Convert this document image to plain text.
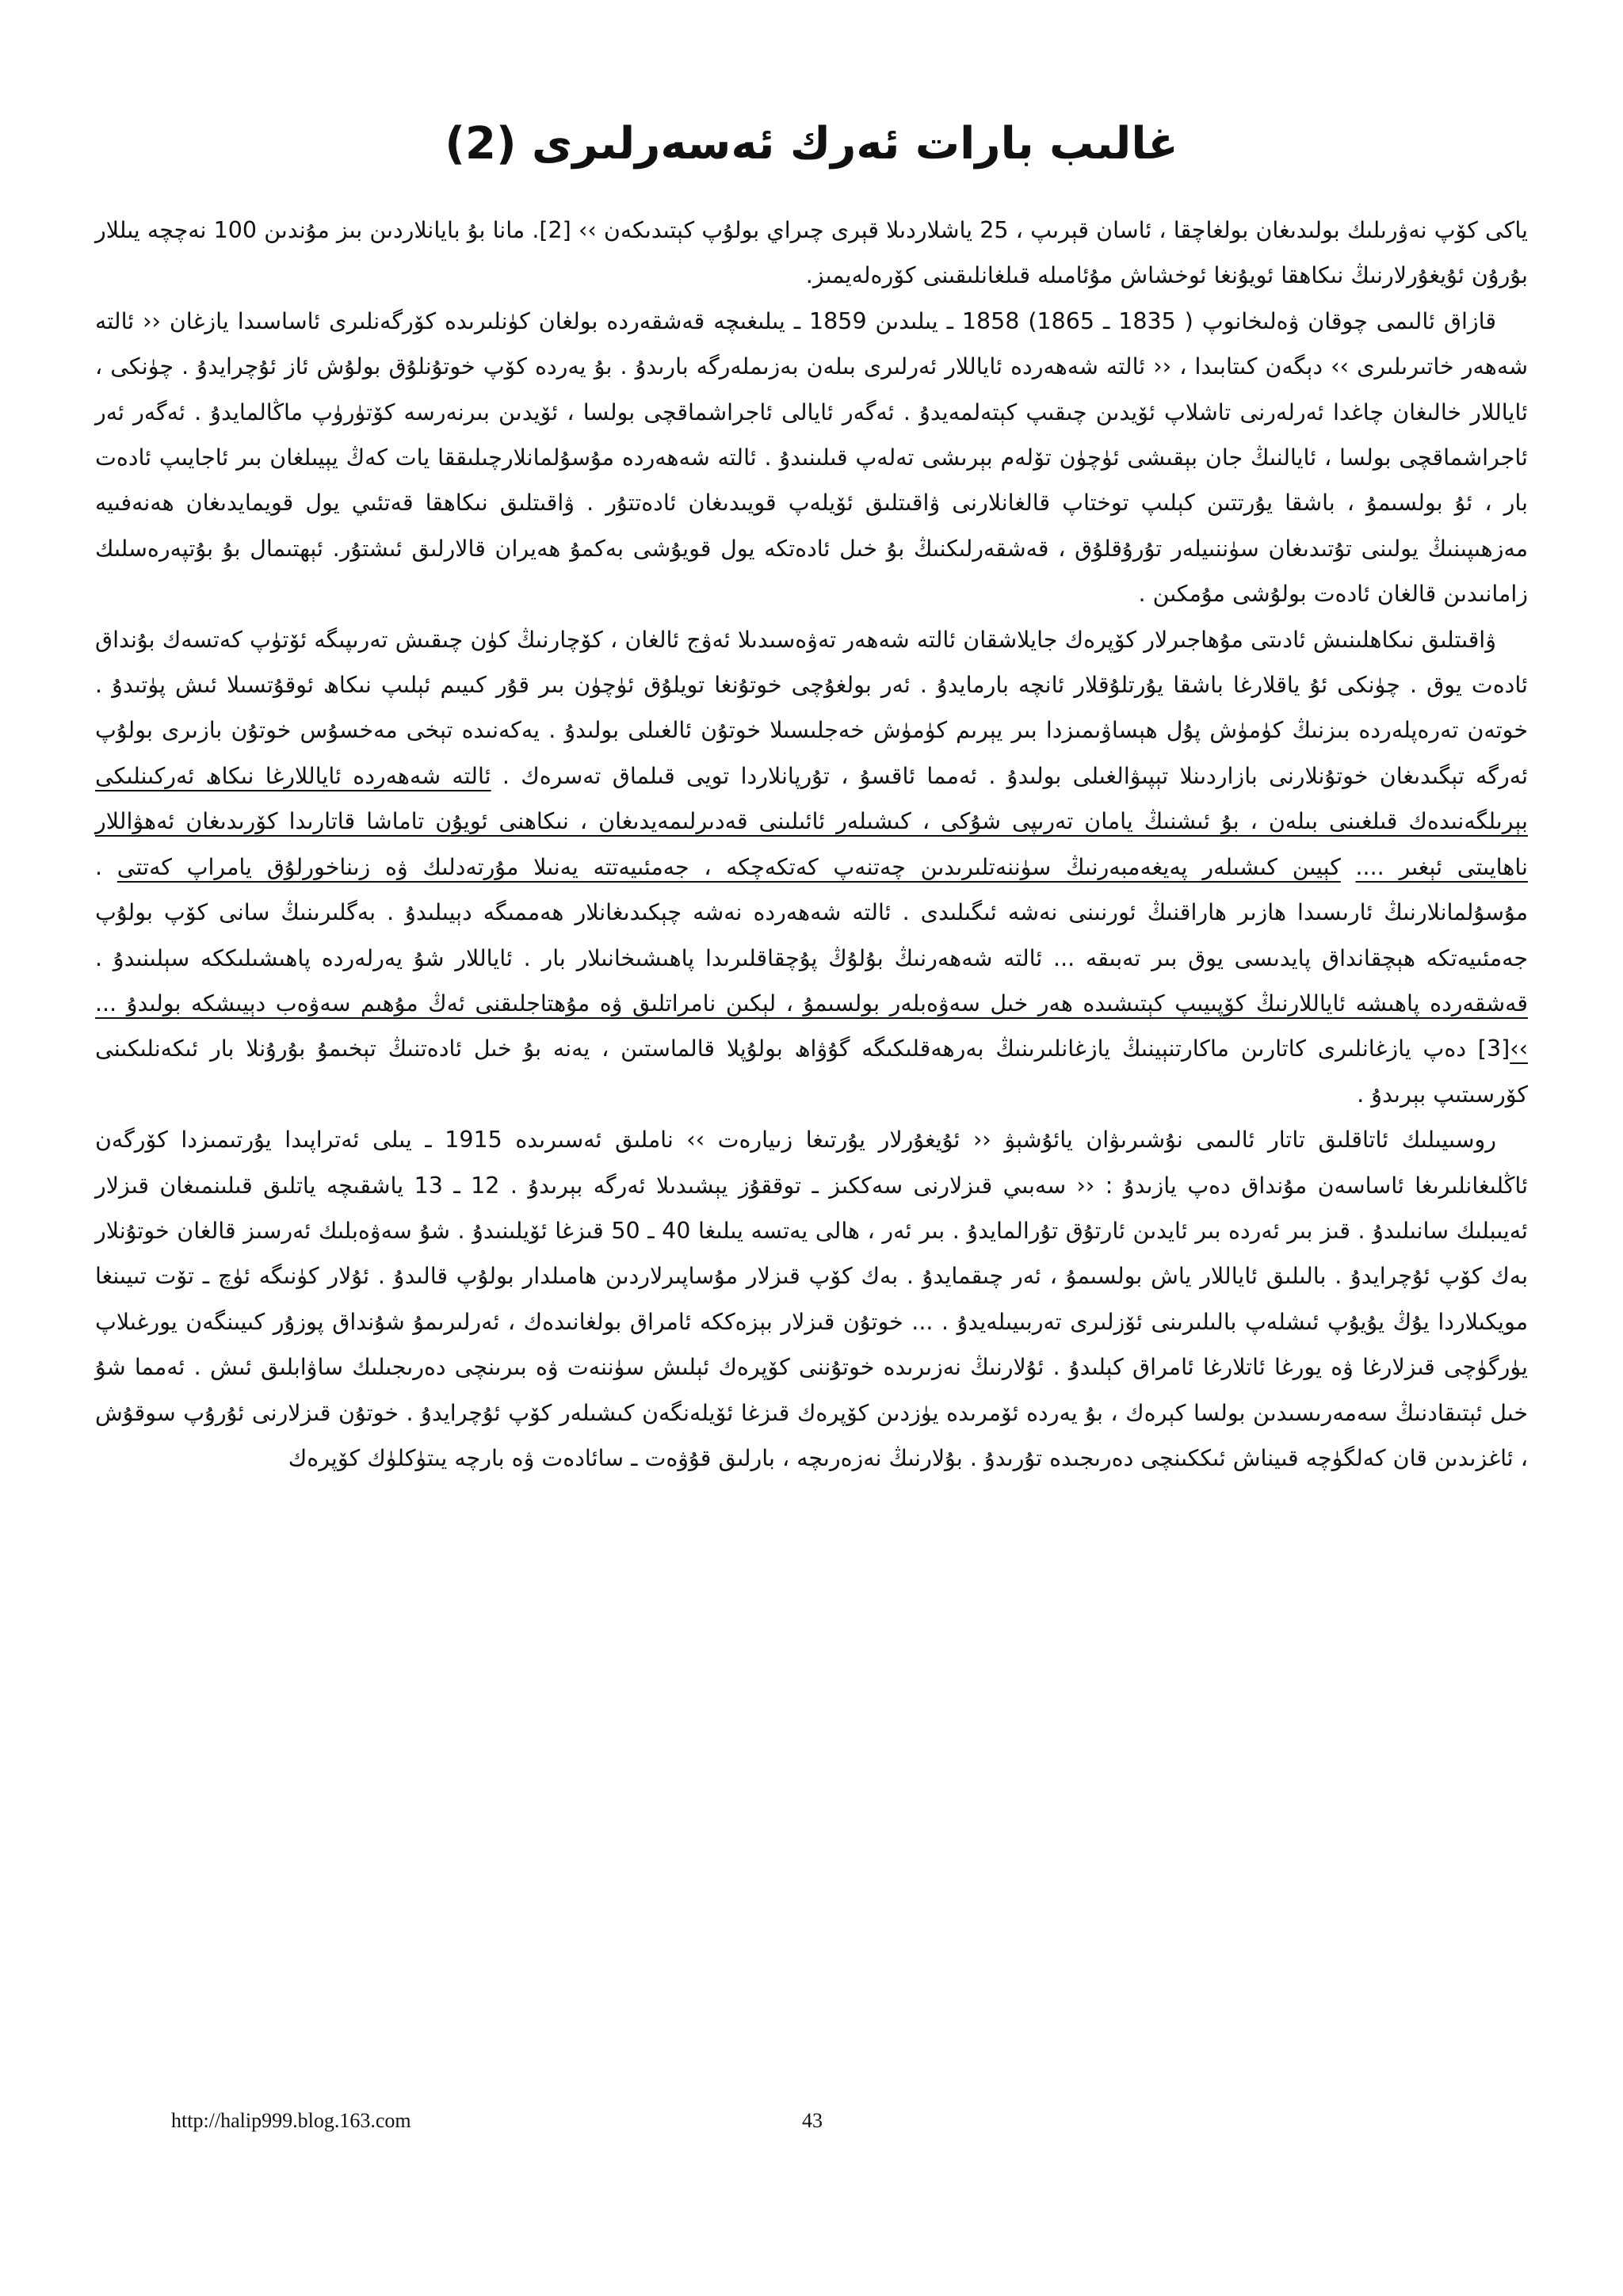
غالىب بارات ئەرك ئەسەرلىرى (2)

ياكى كۆپ نەۋرىلىك بولىدىغان بولغاچقا ، ئاسان قېرىپ ، 25 ياشلاردىلا قېرى چىراي بولۇپ كېتىدىكەن ›› [2]. مانا بۇ بايانلاردىن بىز مۇندىن 100 نەچچە يىللار بۇرۇن ئۇيغۇرلارنىڭ نىكاھقا ئويۇنغا ئوخشاش مۇئامىلە قىلغانلىقىنى كۆرەلەيمىز.

قازاق ئالىمى چوقان ۋەلىخانوپ ( 1835 ـ 1865) 1858 ـ يىلىدىن 1859 ـ يىلىغىچە قەشقەردە بولغان كۈنلىرىدە كۆرگەنلىرى ئاساسىدا يازغان ‹‹ ئالتە شەھەر خاتىرىلىرى ›› دېگەن كىتابىدا ، ‹‹ ئالتە شەھەردە ئاياللار ئەرلىرى بىلەن بەزىملەرگە بارىدۇ . بۇ يەردە كۆپ خوتۇنلۇق بولۇش ئاز ئۇچرايدۇ . چۈنكى ، ئاياللار خالىغان چاغدا ئەرلەرنى تاشلاپ ئۆيدىن چىقىپ كېتەلمەيدۇ . ئەگەر ئايالى ئاجراشماقچى بولسا ، ئۆيدىن بىرنەرسە كۆتۈرۈپ ماڭالمايدۇ . ئەگەر ئەر ئاجراشماقچى بولسا ، ئايالنىڭ جان بېقىشى ئۈچۈن تۆلەم بېرىشى تەلەپ قىلىنىدۇ . ئالتە شەھەردە مۇسۇلمانلارچىلىققا يات كەڭ يېيىلغان بىر ئاجايىپ ئادەت بار ، ئۇ بولسىمۇ ، باشقا يۇرتتىن كېلىپ توختاپ قالغانلارنى ۋاقىتلىق ئۆيلەپ قويىدىغان ئادەتتۇر . ۋاقىتلىق نىكاھقا قەتئىي يول قويمايدىغان ھەنەفىيە مەزھىپىنىڭ يولىنى تۇتىدىغان سۈننىيلەر تۇرۇقلۇق ، قەشقەرلىكنىڭ بۇ خىل ئادەتكە يول قويۇشى بەكمۇ ھەيران قالارلىق ئىشتۇر. ئېھتىمال بۇ بۇتپەرەسلىك زامانىدىن قالغان ئادەت بولۇشى مۇمكىن .

ۋاقىتلىق نىكاھلىنىش ئادىتى مۇھاجىرلار كۆپرەك جايلاشقان ئالتە شەھەر تەۋەسىدىلا ئەۋج ئالغان ، كۆچارنىڭ كۈن چىقىش تەرىپىگە ئۆتۈپ كەتسەك بۇنداق ئادەت يوق . چۈنكى ئۇ ياقلارغا باشقا يۇرتلۇقلار ئانچە بارمايدۇ . ئەر بولغۇچى خوتۇنغا تويلۇق ئۈچۈن بىر قۇر كىيىم ئېلىپ نىكاھ ئوقۇتسىلا ئىش پۈتىدۇ . خوتەن تەرەپلەردە بىزنىڭ كۈمۈش پۇل ھېساۋىمىزدا بىر يېرىم كۈمۈش خەجلىسىلا خوتۇن ئالغىلى بولىدۇ . يەكەنىدە تېخى مەخسۇس خوتۇن بازىرى بولۇپ ئەرگە تېگىدىغان خوتۇنلارنى بازاردىنلا تېپىۋالغىلى بولىدۇ . ئەمما ئاقسۇ ، تۇرپانلاردا تويى قىلماق تەسرەك . ئالتە شەھەردە ئاياللارغا نىكاھ ئەركىنلىكى بېرىلگەنىدەك قىلغىنى بىلەن ، بۇ ئىشنىڭ يامان تەرىپى شۇكى ، كىشىلەر ئائىلىنى قەدىرلىمەيدىغان ، نىكاھنى ئويۇن تاماشا قاتارىدا كۆرىدىغان ئەھۋاللار ناھايىتى ئېغىر .... كېيىن كىشىلەر پەيغەمبەرنىڭ سۈننەتلىرىدىن چەتنەپ كەتكەچكە ، جەمئىيەتتە يەنىلا مۇرتەدلىك ۋە زىناخورلۇق يامراپ كەتتى . مۇسۇلمانلارنىڭ ئارىسىدا ھازىر ھاراقنىڭ ئورنىنى نەشە ئىگىلىدى . ئالتە شەھەردە نەشە چېكىدىغانلار ھەممىگە دېيىلىدۇ . بەگلىرىنىڭ سانى كۆپ بولۇپ جەمئىيەتكە ھېچقانداق پايدىسى يوق بىر تەبىقە ... ئالتە شەھەرنىڭ بۇلۇڭ پۇچقاقلىرىدا پاھىشىخانىلار بار . ئاياللار شۇ يەرلەردە پاھىشىلىككە سېلىنىدۇ . قەشقەردە پاھىشە ئاياللارنىڭ كۆپىيىپ كېتىشىدە ھەر خىل سەۋەبلەر بولسىمۇ ، لېكىن نامراتلىق ۋە مۇھتاجلىقنى ئەڭ مۇھىم سەۋەب دېيىشكە بولىدۇ ... ››[3] دەپ يازغانلىرى كاتارىن ماكارتنېينىڭ يازغانلىرىنىڭ بەرھەقلىكىگە گۇۋاھ بولۇپلا قالماستىن ، يەنە بۇ خىل ئادەتنىڭ تېخىمۇ بۇرۇنلا بار ئىكەنلىكىنى كۆرسىتىپ بېرىدۇ .

روسىيىلىك ئاتاقلىق تاتار ئالىمى نۇشىرىۋان يائۇشېۋ ‹‹ ئۇيغۇرلار يۇرتىغا زىيارەت ›› ناملىق ئەسىرىدە 1915 ـ يىلى ئەتراپىدا يۇرتىمىزدا كۆرگەن ئاڭلىغانلىرىغا ئاساسەن مۇنداق دەپ يازىدۇ : ‹‹ سەبىي قىزلارنى سەككىز ـ توققۇز يېشىدىلا ئەرگە بېرىدۇ . 12 ـ 13 ياشقىچە ياتلىق قىلىنمىغان قىزلار ئەيىبلىك سانىلىدۇ . قىز بىر ئەردە بىر ئايدىن ئارتۇق تۇرالمايدۇ . بىر ئەر ، ھالى يەتسە يىلىغا 40 ـ 50 قىزغا ئۆيلىنىدۇ . شۇ سەۋەبلىك ئەرسىز قالغان خوتۇنلار بەك كۆپ ئۇچرايدۇ . بالىلىق ئاياللار ياش بولسىمۇ ، ئەر چىقمايدۇ . بەك كۆپ قىزلار مۇساپىرلاردىن ھامىلدار بولۇپ قالىدۇ . ئۇلار كۈنىگە ئۈچ ـ تۆت تىيىنغا مويكىلاردا يۇڭ يۇيۇپ ئىشلەپ بالىلىرىنى ئۆزلىرى تەربىيىلەيدۇ . ... خوتۇن قىزلار بېزەككە ئامراق بولغانىدەك ، ئەرلىرىمۇ شۇنداق پوزۇر كىيىنگەن يورغىلاپ يۈرگۈچى قىزلارغا ۋە يورغا ئاتلارغا ئامراق كېلىدۇ . ئۇلارنىڭ نەزىرىدە خوتۇننى كۆپرەك ئېلىش سۈننەت ۋە بىرىنچى دەرىجىلىك ساۋابلىق ئىش . ئەمما شۇ خىل ئېتىقادنىڭ سەمەرىسىدىن بولسا كېرەك ، بۇ يەردە ئۆمرىدە يۈزدىن كۆپرەك قىزغا ئۆيلەنگەن كىشىلەر كۆپ ئۇچرايدۇ . خوتۇن قىزلارنى ئۇرۇپ سوقۇش ، ئاغزىدىن قان كەلگۈچە قىيناش ئىككىنچى دەرىجىدە تۇرىدۇ . بۇلارنىڭ نەزەرىچە ، بارلىق قۇۋەت ـ سائادەت ۋە بارچە يىتۈكلۈك كۆپرەك

http://halip999.blog.163.com	43
